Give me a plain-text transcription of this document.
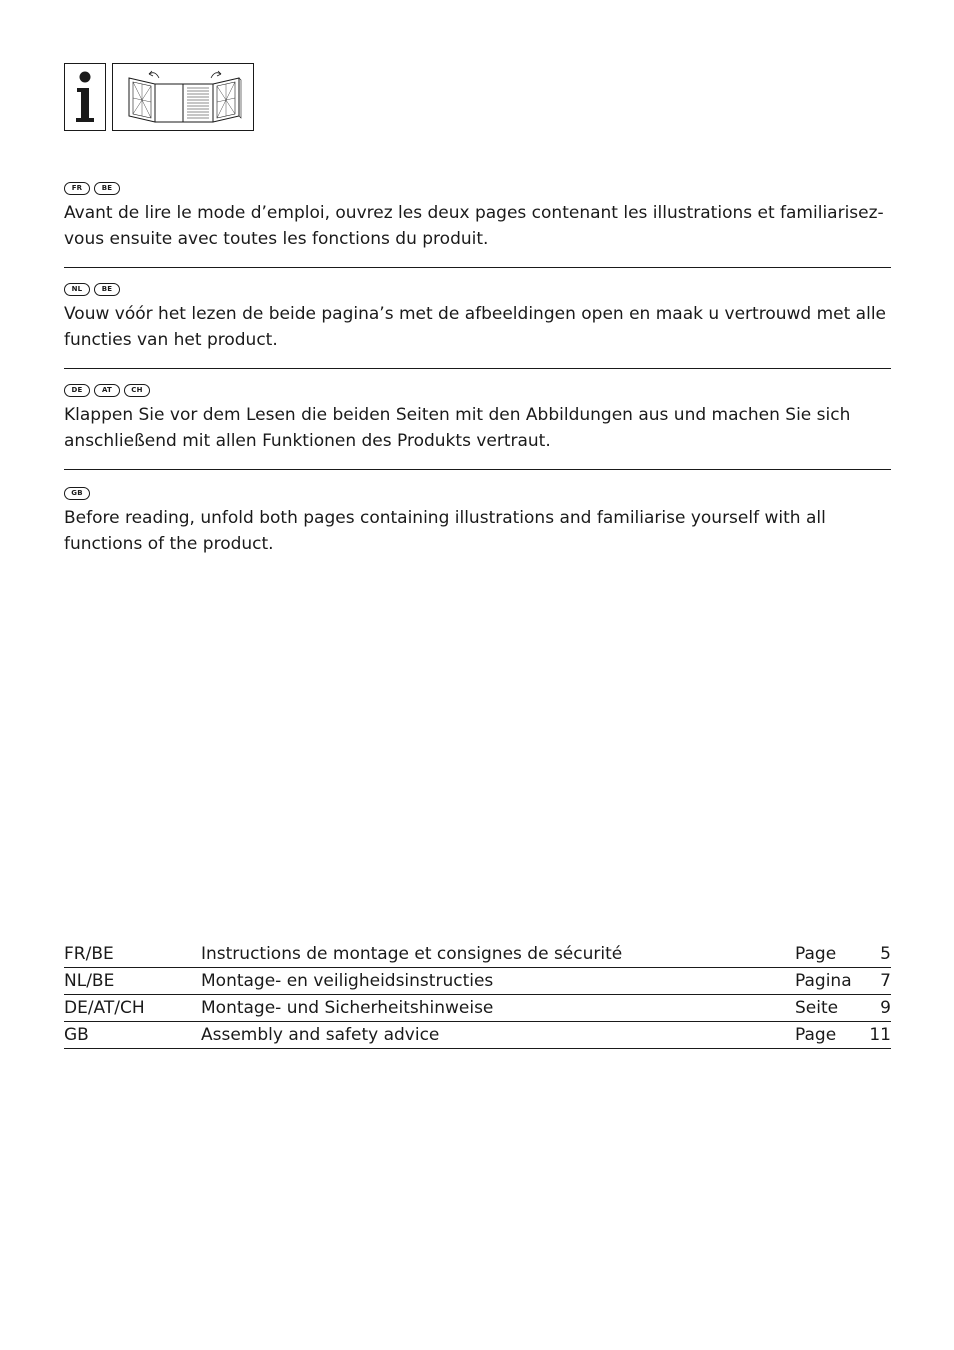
FR	BE

Avant de lire le mode d’emploi, ouvrez les deux pages contenant les illustrations et familiarisez-vous ensuite avec toutes les fonctions du produit.

NL	BE

Vouw vóór het lezen de beide pagina’s met de afbeeldingen open en maak u vertrouwd met alle functies van het product.

DE	AT	CH

Klappen Sie vor dem Lesen die beiden Seiten mit den Abbildungen aus und machen Sie sich anschließend mit allen Funktionen des Produkts vertraut.

GB

Before reading, unfold both pages containing illustrations and familiarise yourself with all functions of the product.

FR/BE	Instructions de montage et consignes de sécurité	Page	5
NL/BE	Montage- en veiligheidsinstructies	Pagina	7
DE/AT/CH	Montage- und Sicherheitshinweise	Seite	9
GB	Assembly and safety advice	Page	11
